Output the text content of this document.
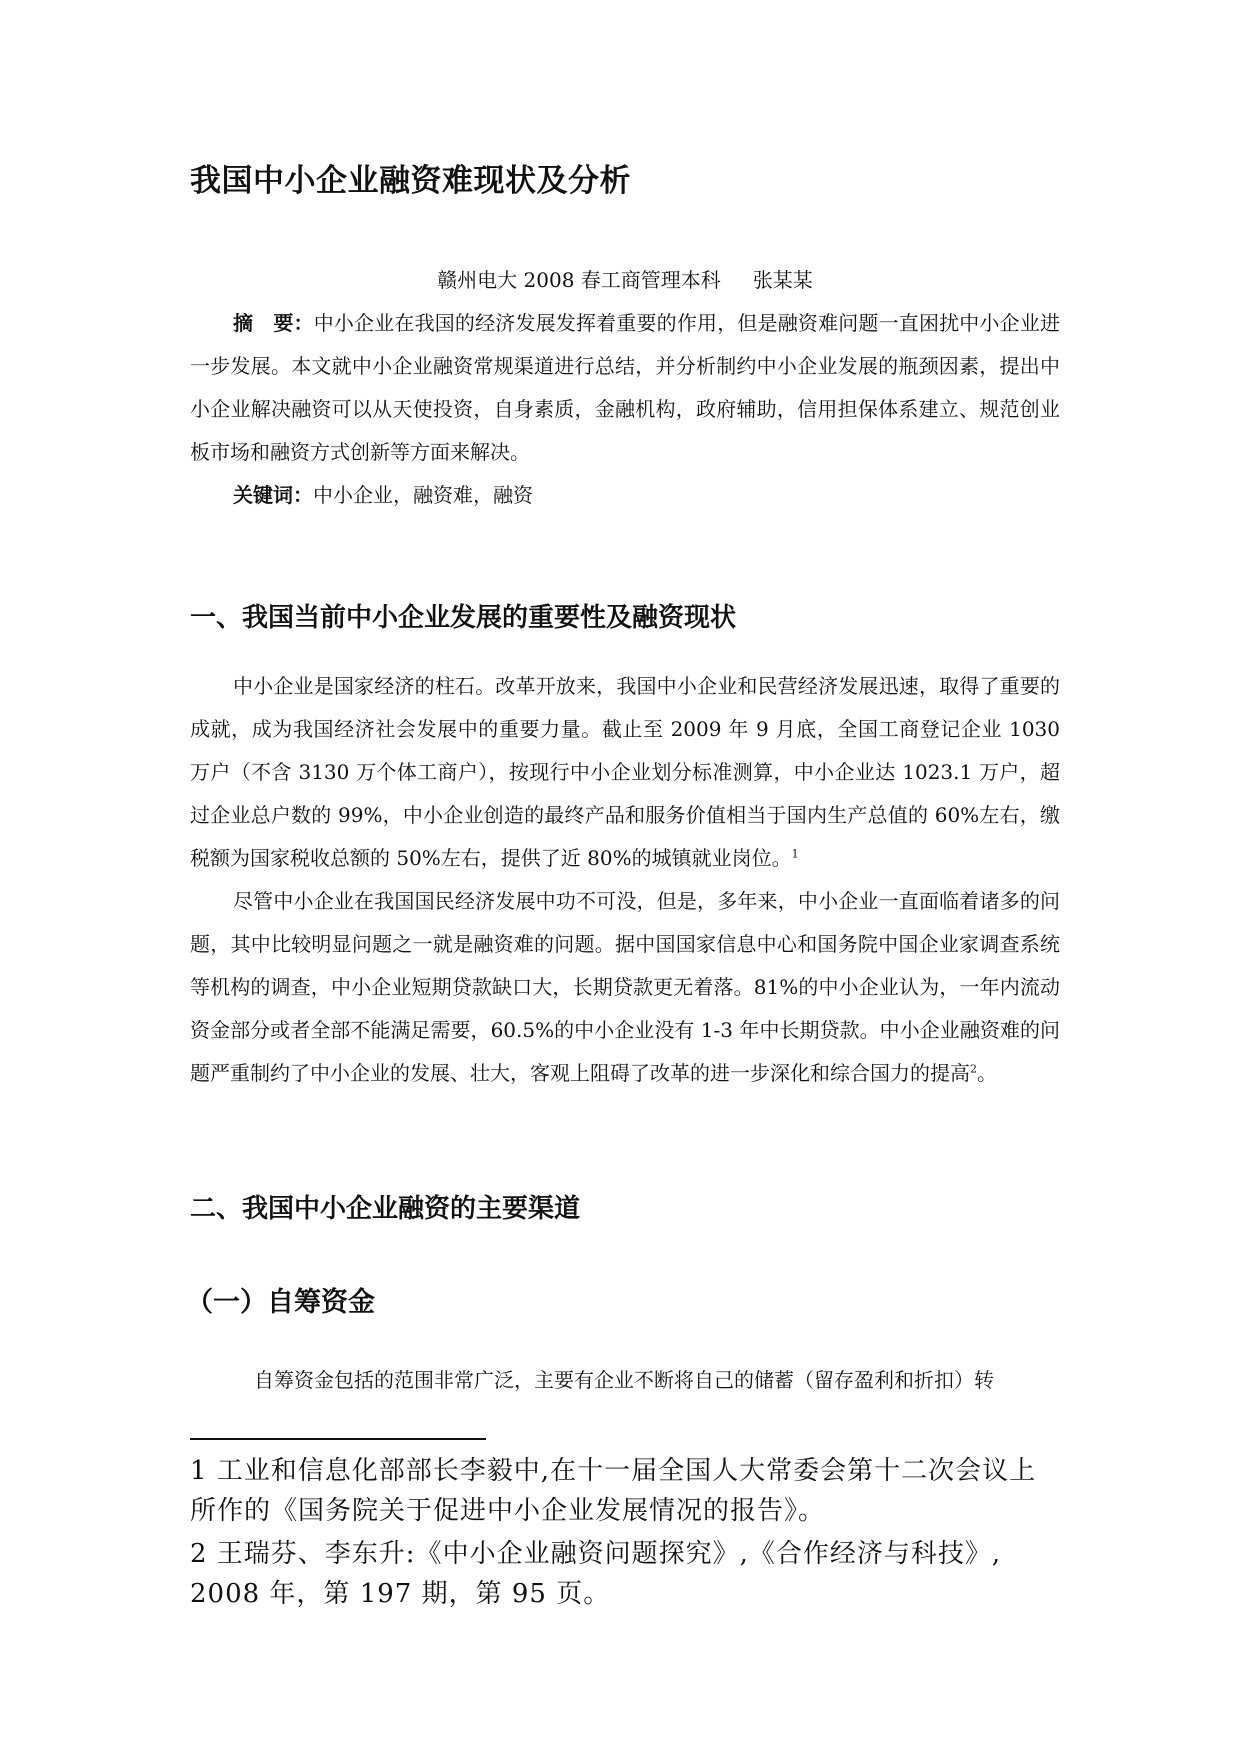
我国中小企业融资难现状及分析

赣州电大 2008 春工商管理本科 张某某

摘　要：中小企业在我国的经济发展发挥着重要的作用，但是融资难问题一直困扰中小企业进一步发展。本文就中小企业融资常规渠道进行总结，并分析制约中小企业发展的瓶颈因素，提出中小企业解决融资可以从天使投资，自身素质，金融机构，政府辅助，信用担保体系建立、规范创业板市场和融资方式创新等方面来解决。

关键词：中小企业，融资难，融资

一、我国当前中小企业发展的重要性及融资现状

中小企业是国家经济的柱石。改革开放来，我国中小企业和民营经济发展迅速，取得了重要的成就，成为我国经济社会发展中的重要力量。截止至 2009 年 9 月底，全国工商登记企业 1030 万户（不含 3130 万个体工商户），按现行中小企业划分标准测算，中小企业达 1023.1 万户，超过企业总户数的 99%，中小企业创造的最终产品和服务价值相当于国内生产总值的 60%左右，缴税额为国家税收总额的 50%左右，提供了近 80%的城镇就业岗位。$^1$

尽管中小企业在我国国民经济发展中功不可没，但是，多年来，中小企业一直面临着诸多的问题，其中比较明显问题之一就是融资难的问题。据中国国家信息中心和国务院中国企业家调查系统等机构的调查，中小企业短期贷款缺口大，长期贷款更无着落。81%的中小企业认为，一年内流动资金部分或者全部不能满足需要，60.5%的中小企业没有 1-3 年中长期贷款。中小企业融资难的问题严重制约了中小企业的发展、壮大，客观上阻碍了改革的进一步深化和综合国力的提高$^2$。

二、我国中小企业融资的主要渠道
（一）自筹资金

自筹资金包括的范围非常广泛，主要有企业不断将自己的储蓄（留存盈利和折扣）转

1 工业和信息化部部长李毅中,在十一届全国人大常委会第十二次会议上所作的《国务院关于促进中小企业发展情况的报告》。

2 王瑞芬、李东升:《中小企业融资问题探究》,《合作经济与科技》, 2008 年，第 197 期，第 95 页。
